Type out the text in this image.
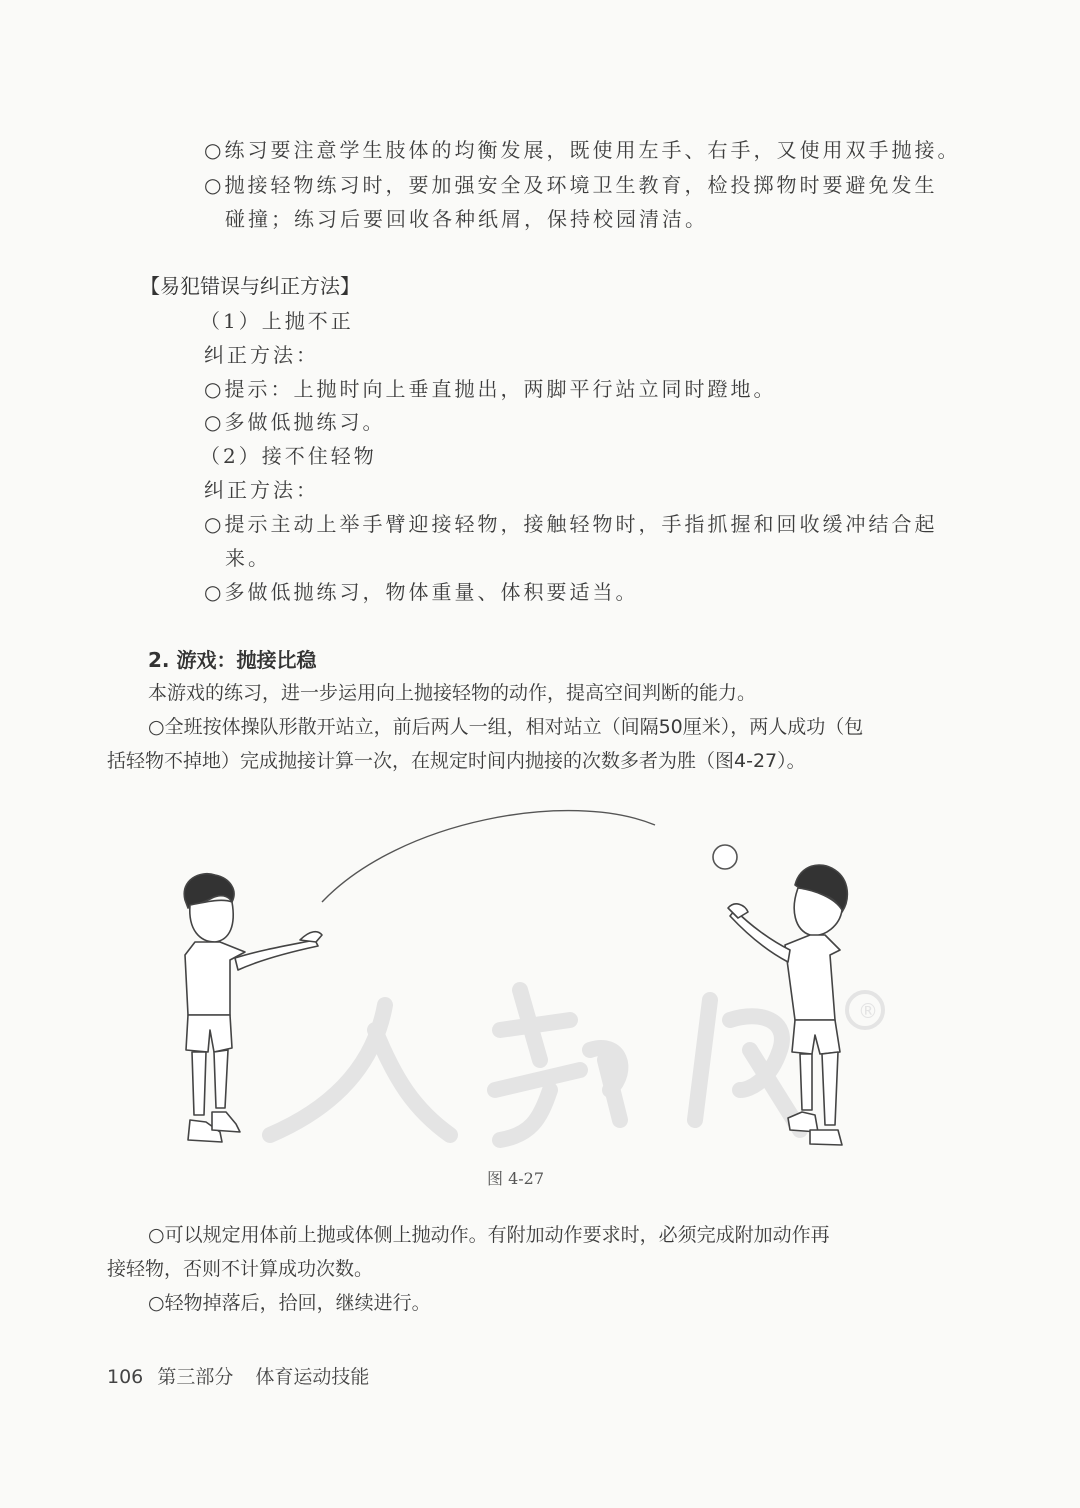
○练习要注意学生肢体的均衡发展，既使用左手、右手，又使用双手抛接。
○抛接轻物练习时，要加强安全及环境卫生教育，检投掷物时要避免发生
碰撞；练习后要回收各种纸屑，保持校园清洁。
【易犯错误与纠正方法】
（1）上抛不正
纠正方法：
○提示：上抛时向上垂直抛出，两脚平行站立同时蹬地。
○多做低抛练习。
（2）接不住轻物
纠正方法：
○提示主动上举手臂迎接轻物，接触轻物时，手指抓握和回收缓冲结合起
来。
○多做低抛练习，物体重量、体积要适当。
2. 游戏：抛接比稳
本游戏的练习，进一步运用向上抛接轻物的动作，提高空间判断的能力。
○全班按体操队形散开站立，前后两人一组，相对站立（间隔50厘米），两人成功（包
括轻物不掉地）完成抛接计算一次，在规定时间内抛接的次数多者为胜（图4-27）。
®
图 4-27
○可以规定用体前上抛或体侧上抛动作。有附加动作要求时，必须完成附加动作再
接轻物，否则不计算成功次数。
○轻物掉落后，拾回，继续进行。
106 第三部分 体育运动技能
